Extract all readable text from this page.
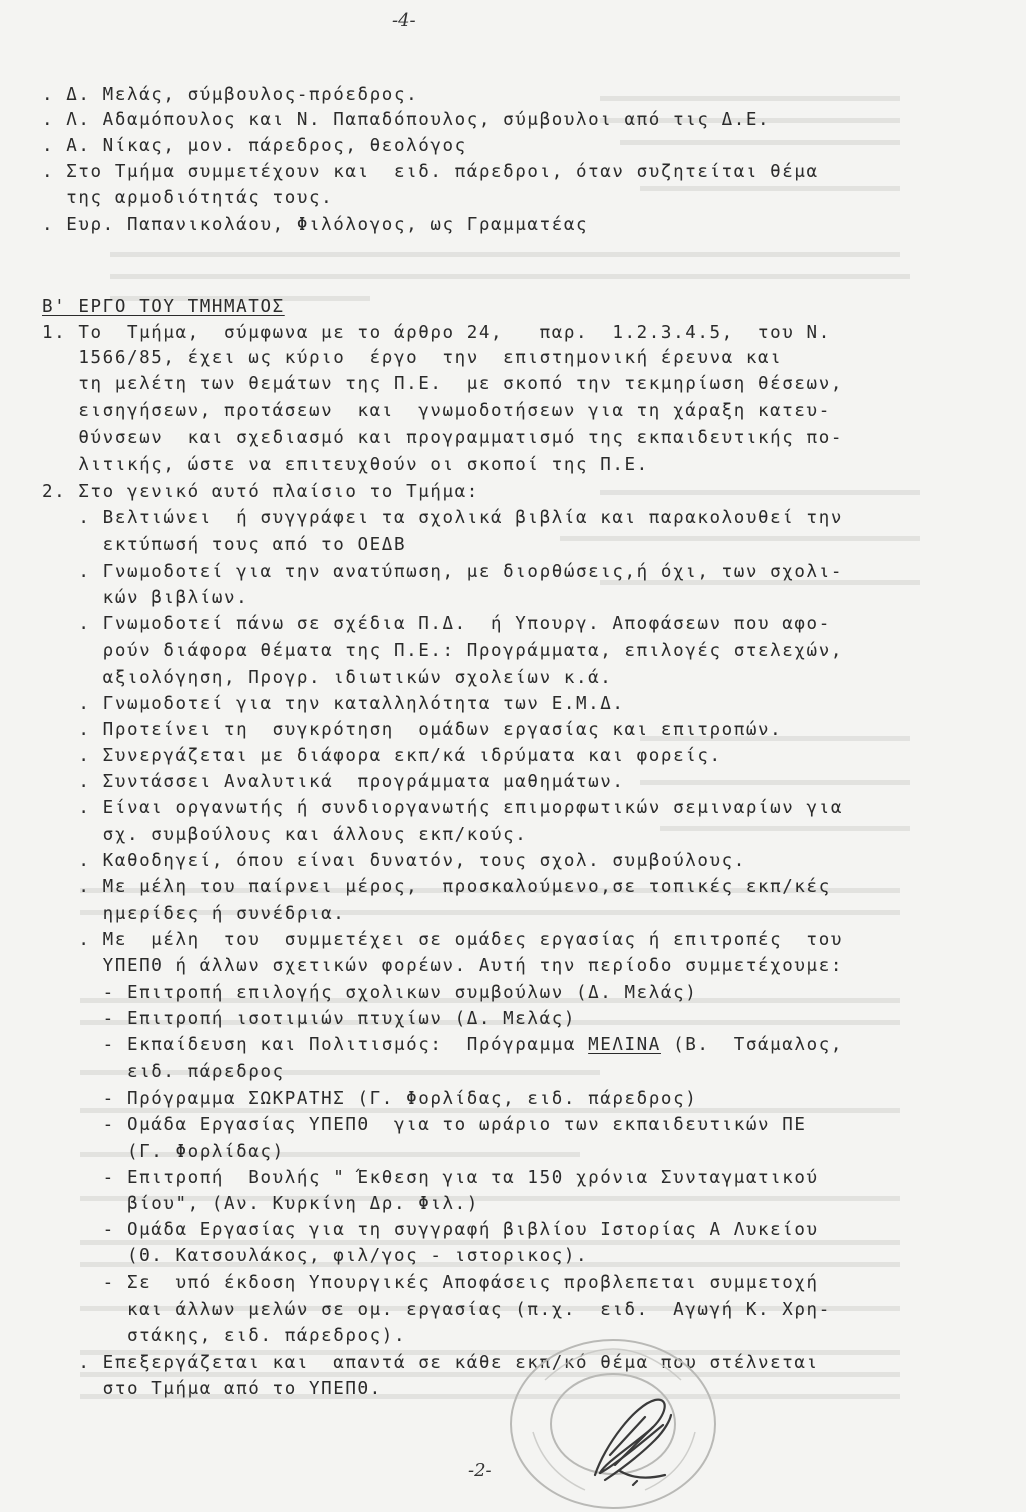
-4-
. Δ. Μελάς, σύμβουλος-πρόεδρος.
. Λ. Αδαμόπουλος και Ν. Παπαδόπουλος, σύμβουλοι από τις Δ.Ε.
. Α. Νίκας, μον. πάρεδρος, θεολόγος
. Στο Τμήμα συμμετέχουν και  ειδ. πάρεδροι, όταν συζητείται θέμα
της αρμοδιότητάς τους.
. Ευρ. Παπανικολάου, Φιλόλογος, ως Γραμματέας
Β' ΕΡΓΟ ΤΟΥ ΤΜΗΜΑΤΟΣ
1. Το  Τμήμα,  σύμφωνα με το άρθρο 24,   παρ.  1.2.3.4.5,  του Ν.
1566/85, έχει ως κύριο  έργο  την  επιστημονική έρευνα και
τη μελέτη των θεμάτων της Π.Ε.  με σκοπό την τεκμηρίωση θέσεων,
εισηγήσεων, προτάσεων  και  γνωμοδοτήσεων για τη χάραξη κατευ-
θύνσεων  και σχεδιασμό και προγραμματισμό της εκπαιδευτικής πο-
λιτικής, ώστε να επιτευχθούν οι σκοποί της Π.Ε.
2. Στο γενικό αυτό πλαίσιο το Τμήμα:
. Βελτιώνει  ή συγγράφει τα σχολικά βιβλία και παρακολουθεί την
εκτύπωσή τους από το ΟΕΔΒ
. Γνωμοδοτεί για την ανατύπωση, με διορθώσεις,ή όχι, των σχολι-
κών βιβλίων.
. Γνωμοδοτεί πάνω σε σχέδια Π.Δ.  ή Υπουργ. Αποφάσεων που αφο-
ρούν διάφορα θέματα της Π.Ε.: Προγράμματα, επιλογές στελεχών,
αξιολόγηση, Προγρ. ιδιωτικών σχολείων κ.ά.
. Γνωμοδοτεί για την καταλληλότητα των Ε.Μ.Δ.
. Προτείνει τη  συγκρότηση  ομάδων εργασίας και επιτροπών.
. Συνεργάζεται με διάφορα εκπ/κά ιδρύματα και φορείς.
. Συντάσσει Αναλυτικά  προγράμματα μαθημάτων.
. Είναι οργανωτής ή συνδιοργανωτής επιμορφωτικών σεμιναρίων για
σχ. συμβούλους και άλλους εκπ/κούς.
. Καθοδηγεί, όπου είναι δυνατόν, τους σχολ. συμβούλους.
. Με μέλη του παίρνει μέρος,  προσκαλούμενο,σε τοπικές εκπ/κές
ημερίδες ή συνέδρια.
. Με  μέλη  του  συμμετέχει σε ομάδες εργασίας ή επιτροπές  του
ΥΠΕΠΘ ή άλλων σχετικών φορέων. Αυτή την περίοδο συμμετέχουμε:
- Επιτροπή επιλογής σχολικων συμβούλων (Δ. Μελάς)
- Επιτροπή ισοτιμιών πτυχίων (Δ. Μελάς)
- Εκπαίδευση και Πολιτισμός:  Πρόγραμμα ΜΕΛΙΝΑ (Β.  Τσάμαλος,
ειδ. πάρεδρος
- Πρόγραμμα ΣΩΚΡΑΤΗΣ (Γ. Φορλίδας, ειδ. πάρεδρος)
- Ομάδα Εργασίας ΥΠΕΠΘ  για το ωράριο των εκπαιδευτικών ΠΕ
(Γ. Φορλίδας)
- Επιτροπή  Βουλής " Έκθεση για τα 150 χρόνια Συνταγματικού
βίου", (Αν. Κυρκίνη Δρ. Φιλ.)
- Ομάδα Εργασίας για τη συγγραφή βιβλίου Ιστορίας Α Λυκείου
(Θ. Κατσουλάκος, φιλ/γος - ιστορικος).
- Σε  υπό έκδοση Υπουργικές Αποφάσεις προβλεπεται συμμετοχή
και άλλων μελών σε ομ. εργασίας (π.χ.  ειδ.  Αγωγή Κ. Χρη-
στάκης, ειδ. πάρεδρος).
. Επεξεργάζεται και  απαντά σε κάθε εκπ/κό θέμα που στέλνεται
στο Τμήμα από το ΥΠΕΠΘ.
-2-
